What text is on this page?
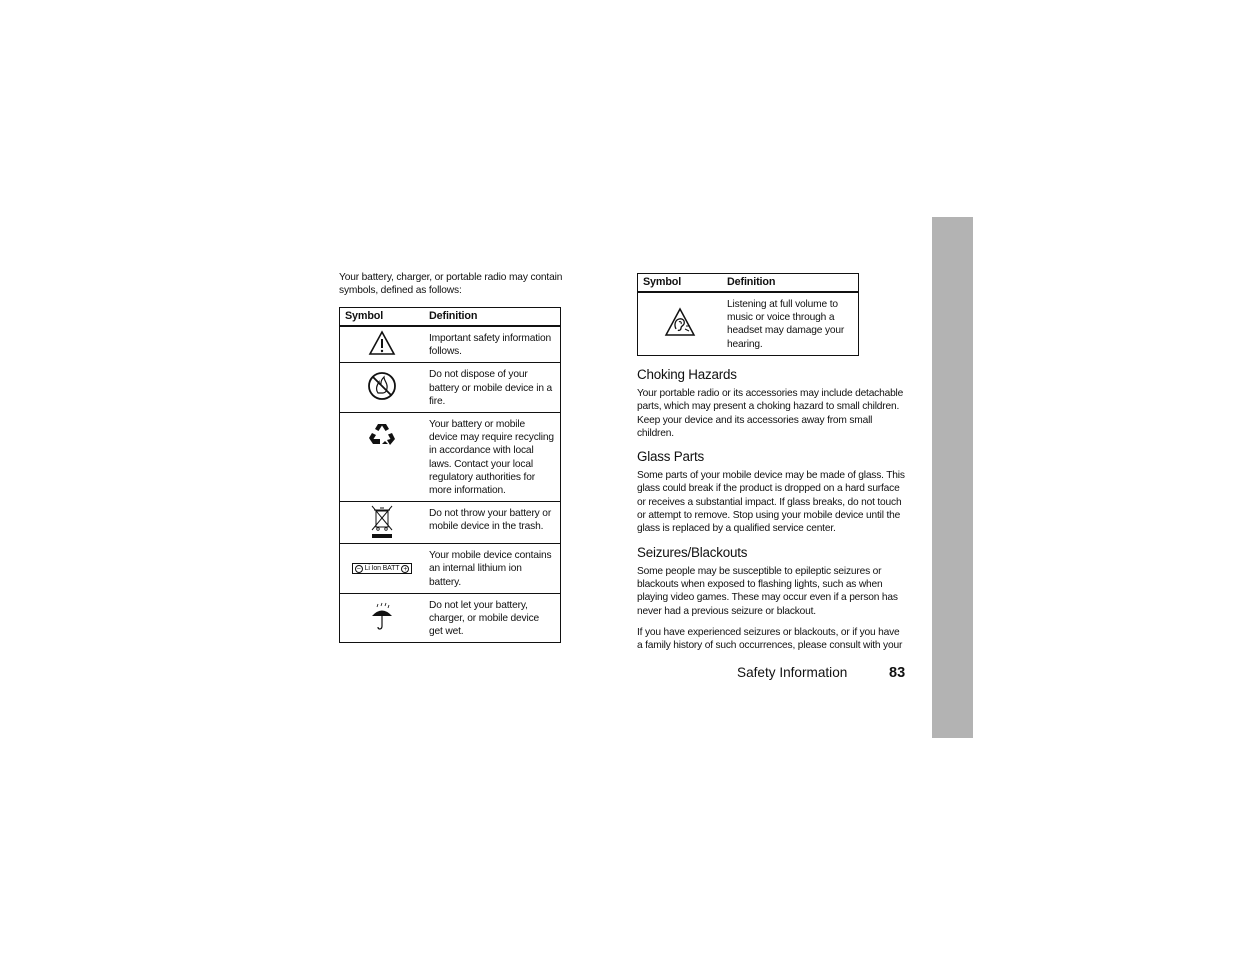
Your battery, charger, or portable radio may contain symbols, defined as follows:
Symbol	Definition
	Important safety information follows.
	Do not dispose of your battery or mobile device in a fire.
	Your battery or mobile device may require recycling in accordance with local laws. Contact your local regulatory authorities for more information.
	Do not throw your battery or mobile device in the trash.

− Li Ion BATT +	Your mobile device contains an internal lithium ion battery.
	Do not let your battery, charger, or mobile device get wet.
Symbol	Definition
	Listening at full volume to music or voice through a headset may damage your hearing.
Choking Hazards

Your portable radio or its accessories may include detachable parts, which may present a choking hazard to small children. Keep your device and its accessories away from small children.

Glass Parts

Some parts of your mobile device may be made of glass. This glass could break if the product is dropped on a hard surface or receives a substantial impact. If glass breaks, do not touch or attempt to remove. Stop using your mobile device until the glass is replaced by a qualified service center.

Seizures/Blackouts

Some people may be susceptible to epileptic seizures or blackouts when exposed to flashing lights, such as when playing video games. These may occur even if a person has never had a previous seizure or blackout.

If you have experienced seizures or blackouts, or if you have a family history of such occurrences, please consult with your

Safety Information	83
